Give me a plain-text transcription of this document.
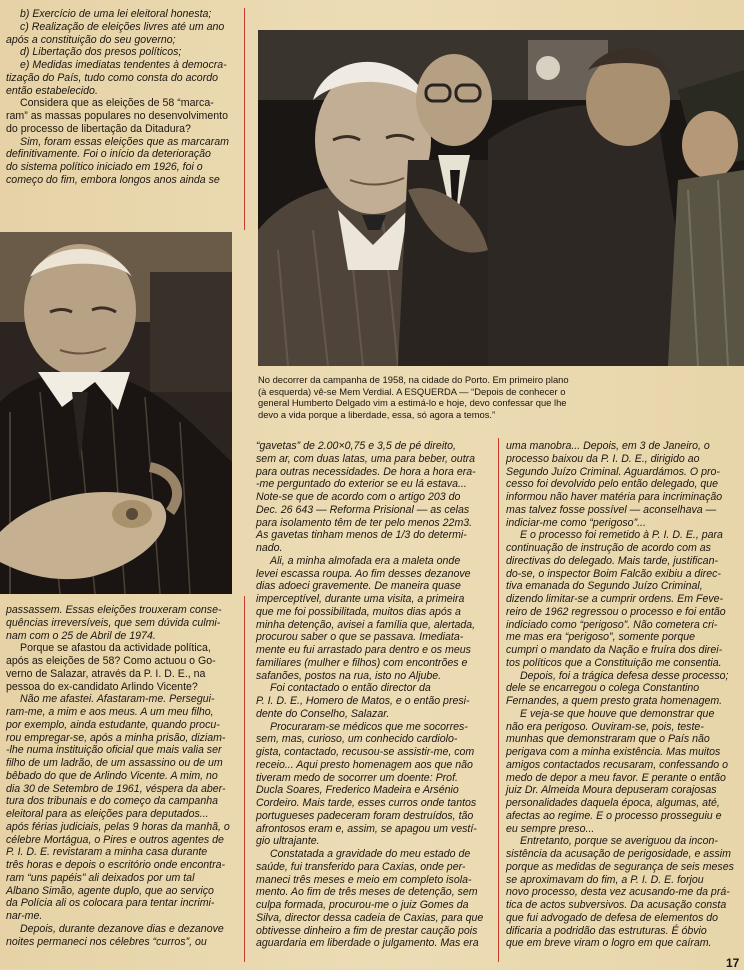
b) Exercício de uma lei eleitoral honesta;

c) Realização de eleições livres até um ano

após a constituição do seu governo;

d) Libertação dos presos políticos;

e) Medidas imediatas tendentes à democra-

tização do País, tudo como consta do acordo

então estabelecido.

Considera que as eleições de 58 “marca-

ram” as massas populares no desenvolvimento

do processo de libertação da Ditadura?

Sim, foram essas eleições que as marcaram

definitivamente. Foi o início da deterioração

do sistema político iniciado em 1926, foi o

começo do fim, embora longos anos ainda se

No decorrer da campanha de 1958, na cidade do Porto. Em primeiro plano
(à esquerda) vê-se Mem Verdial. A ESQUERDA — “Depois de conhecer o
general Humberto Delgado vim a estimá-lo e hoje, devo confessar que lhe
devo a vida porque a liberdade, essa, só agora a temos.”

passassem. Essas eleições trouxeram conse-

quências irreversíveis, que sem dúvida culmi-

nam com o 25 de Abril de 1974.

Porque se afastou da actividade política,

após as eleições de 58? Como actuou o Go-

verno de Salazar, através da P. I. D. E., na

pessoa do ex-candidato Arlindo Vicente?

Não me afastei. Afastaram-me. Persegui-

ram-me, a mim e aos meus. A um meu filho,

por exemplo, ainda estudante, quando procu-

rou empregar-se, após a minha prisão, diziam-

-lhe numa instituição oficial que mais valia ser

filho de um ladrão, de um assassino ou de um

bêbado do que de Arlindo Vicente. A mim, no

dia 30 de Setembro de 1961, véspera da aber-

tura dos tribunais e do começo da campanha

eleitoral para as eleições para deputados...

após férias judiciais, pelas 9 horas da manhã, o

célebre Mortágua, o Pires e outros agentes de

P. I. D. E. revistaram a minha casa durante

três horas e depois o escritório onde encontra-

ram “uns papéis” ali deixados por um tal

Albano Simão, agente duplo, que ao serviço

da Polícia ali os colocara para tentar incrimi-

nar-me.

Depois, durante dezanove dias e dezanove

noites permaneci nos célebres “curros”, ou

“gavetas” de 2.00×0,75 e 3,5 de pé direito,

sem ar, com duas latas, uma para beber, outra

para outras necessidades. De hora a hora era-

-me perguntado do exterior se eu lá estava...

Note-se que de acordo com o artigo 203 do

Dec. 26 643 — Reforma Prisional — as celas

para isolamento têm de ter pelo menos 22m3.

As gavetas tinham menos de 1/3 do determi-

nado.

Ali, a minha almofada era a maleta onde

levei escassa roupa. Ao fim desses dezanove

dias adoeci gravemente. De maneira quase

imperceptível, durante uma visita, a primeira

que me foi possibilitada, muitos dias após a

minha detenção, avisei a família que, alertada,

procurou saber o que se passava. Imediata-

mente eu fui arrastado para dentro e os meus

familiares (mulher e filhos) com encontrões e

safanões, postos na rua, isto no Aljube.

Foi contactado o então director da

P. I. D. E., Homero de Matos, e o então presi-

dente do Conselho, Salazar.

Procuraram-se médicos que me socorres-

sem, mas, curioso, um conhecido cardiolo-

gista, contactado, recusou-se assistir-me, com

receio... Aqui presto homenagem aos que não

tiveram medo de socorrer um doente: Prof.

Ducla Soares, Frederico Madeira e Arsénio

Cordeiro. Mais tarde, esses curros onde tantos

portugueses padeceram foram destruídos, tão

afrontosos eram e, assim, se apagou um vestí-

gio ultrajante.

Constatada a gravidade do meu estado de

saúde, fui transferido para Caxias, onde per-

maneci três meses e meio em completo isola-

mento. Ao fim de três meses de detenção, sem

culpa formada, procurou-me o juiz Gomes da

Silva, director dessa cadeia de Caxias, para que

obtivesse dinheiro a fim de prestar caução pois

aguardaria em liberdade o julgamento. Mas era

uma manobra... Depois, em 3 de Janeiro, o

processo baixou da P. I. D. E., dirigido ao

Segundo Juízo Criminal. Aguardámos. O pro-

cesso foi devolvido pelo então delegado, que

informou não haver matéria para incriminação

mas talvez fosse possível — aconselhava —

indiciar-me como “perigoso”...

E o processo foi remetido à P. I. D. E., para

continuação de instrução de acordo com as

directivas do delegado. Mais tarde, justifican-

do-se, o inspector Boim Falcão exibiu a direc-

tiva emanada do Segundo Juízo Criminal,

dizendo limitar-se a cumprir ordens. Em Feve-

reiro de 1962 regressou o processo e foi então

indiciado como “perigoso”. Não cometera cri-

me mas era “perigoso”, somente porque

cumpri o mandato da Nação e fruíra dos direi-

tos políticos que a Constituição me consentia.

Depois, foi a trágica defesa desse processo;

dele se encarregou o colega Constantino

Fernandes, a quem presto grata homenagem.

E veja-se que houve que demonstrar que

não era perigoso. Ouviram-se, pois, teste-

munhas que demonstraram que o País não

perigava com a minha existência. Mas muitos

amigos contactados recusaram, confessando o

medo de depor a meu favor. E perante o então

juiz Dr. Almeida Moura depuseram corajosas

personalidades daquela época, algumas, até,

afectas ao regime. E o processo prosseguiu e

eu sempre preso...

Entretanto, porque se averiguou da incon-

sistência da acusação de perigosidade, e assim

porque as medidas de segurança de seis meses

se aproximavam do fim, a P. I. D. E. forjou

novo processo, desta vez acusando-me da prá-

tica de actos subversivos. Da acusação consta

que fui advogado de defesa de elementos do

dificaria a podridão das estruturas. É óbvio

que em breve viram o logro em que caíram.

17
